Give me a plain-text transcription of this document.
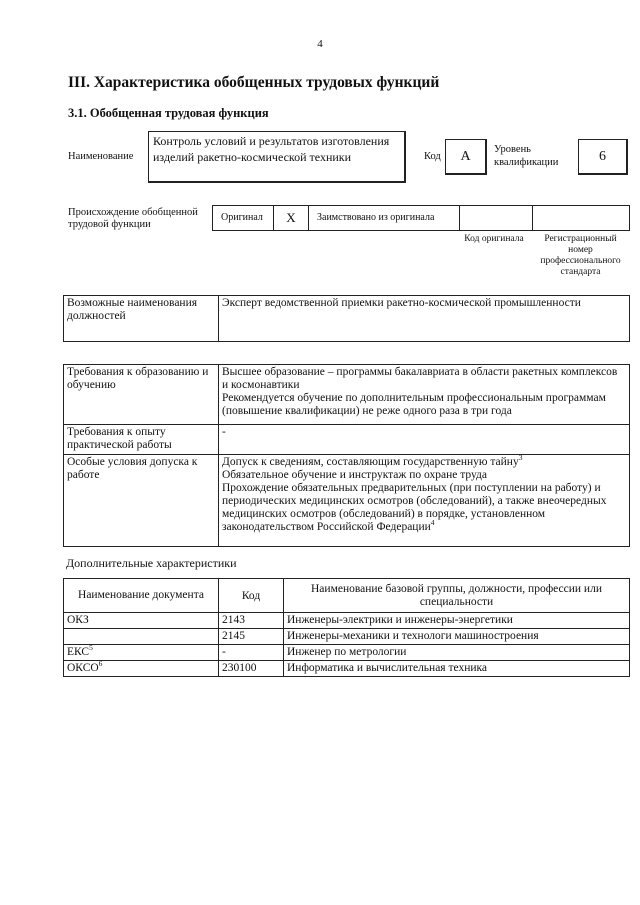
4
III. Характеристика обобщенных трудовых функций
3.1. Обобщенная трудовая функция
Наименование
Контроль условий и результатов изготовления изделий ракетно-космической техники	Код	А	Уровень квалификации	6
Происхождение обобщенной трудовой функции
Оригинал	Х	Заимствовано из оригинала
Код оригинала	Регистрационный номер профессионального стандарта
Возможные наименования должностей	Эксперт ведомственной приемки ракетно-космической промышленности
Требования к образованию и обучению	Высшее образование – программы бакалавриата в области ракетных комплексов и космонавтики
Рекомендуется обучение по дополнительным профессиональным программам (повышение квалификации) не реже одного раза в три года

Требования к опыту практической работы	-
Особые условия допуска к работе	Допуск к сведениям, составляющим государственную тайну$^3$
Обязательное обучение и инструктаж по охране труда
Прохождение обязательных предварительных (при поступлении на работу) и периодических медицинских осмотров (обследований), а также внеочередных медицинских осмотров (обследований) в порядке, установленном законодательством Российской Федерации$^4$
Дополнительные характеристики
Наименование документа	Код	Наименование базовой группы, должности, профессии или специальности
ОКЗ	2143	Инженеры-электрики и инженеры-энергетики
	2145	Инженеры-механики и технологи машиностроения
ЕКС$^5$	-	Инженер по метрологии
ОКСО$^6$	230100	Информатика и вычислительная техника
